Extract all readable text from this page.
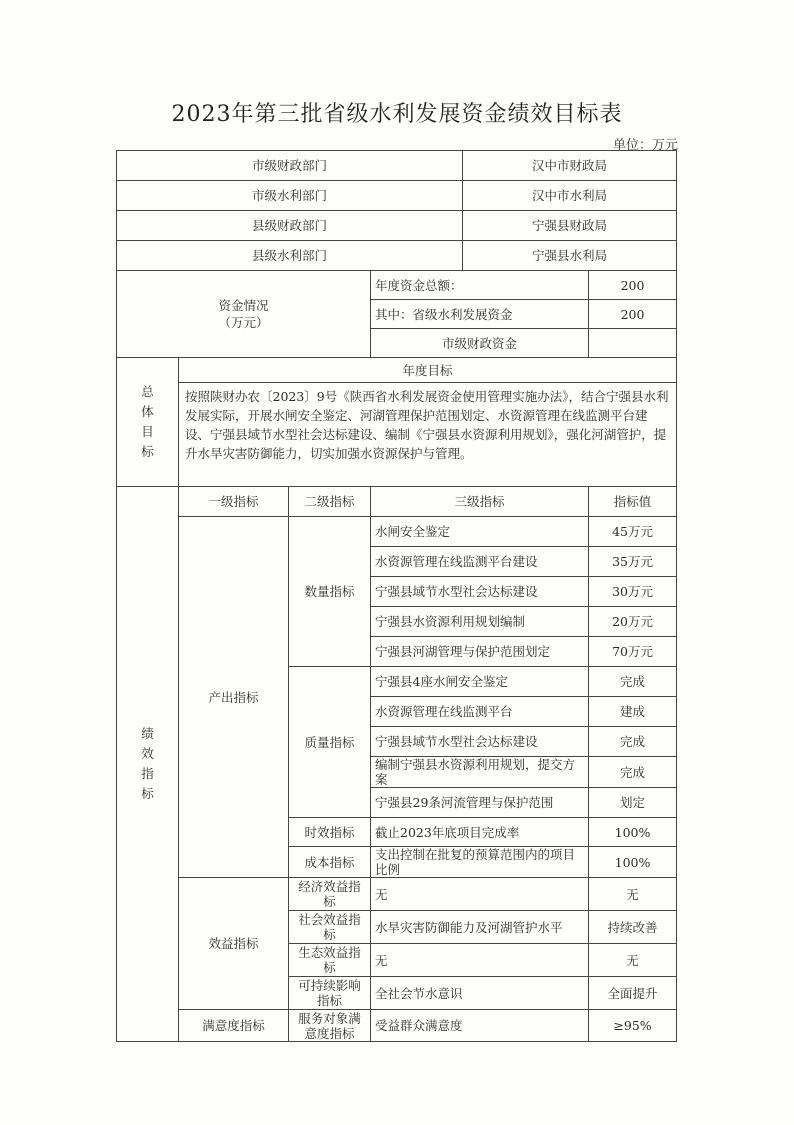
2023年第三批省级水利发展资金绩效目标表
单位：万元
市级财政部门				汉中市财政局	
市级水利部门				汉中市水利局	
县级财政部门				宁强县财政局	
县级水利部门				宁强县水利局	

资金情况（万元）			年度资金总额：		200
			其中：省级水利发展资金		200
			市级财政资金		

总体目标	年度目标				
	按照陕财办农〔2023〕9号《陕西省水利发展资金使用管理实施办法》，结合宁强县水利发展实际，开展水闸安全鉴定、河湖管理保护范围划定、水资源管理在线监测平台建设、宁强县域节水型社会达标建设、编制《宁强县水资源利用规划》，强化河湖管护，提升水旱灾害防御能力，切实加强水资源保护与管理。				

绩效指标	一级指标	二级指标	三级指标		指标值
	产出指标	数量指标	水闸安全鉴定		45万元
			水资源管理在线监测平台建设		35万元
			宁强县域节水型社会达标建设		30万元
			宁强县水资源利用规划编制		20万元
			宁强县河湖管理与保护范围划定		70万元
		质量指标	宁强县4座水闸安全鉴定		完成
			水资源管理在线监测平台		建成
			宁强县域节水型社会达标建设		完成
			编制宁强县水资源利用规划，提交方案		完成
			宁强县29条河流管理与保护范围		划定
		时效指标	截止2023年底项目完成率		100%
		成本指标	支出控制在批复的预算范围内的项目比例		100%
	效益指标	经济效益指标	无		无
		社会效益指标	水旱灾害防御能力及河湖管护水平		持续改善
		生态效益指标	无		无
		可持续影响指标	全社会节水意识		全面提升
	满意度指标	服务对象满意度指标	受益群众满意度		≥95%
